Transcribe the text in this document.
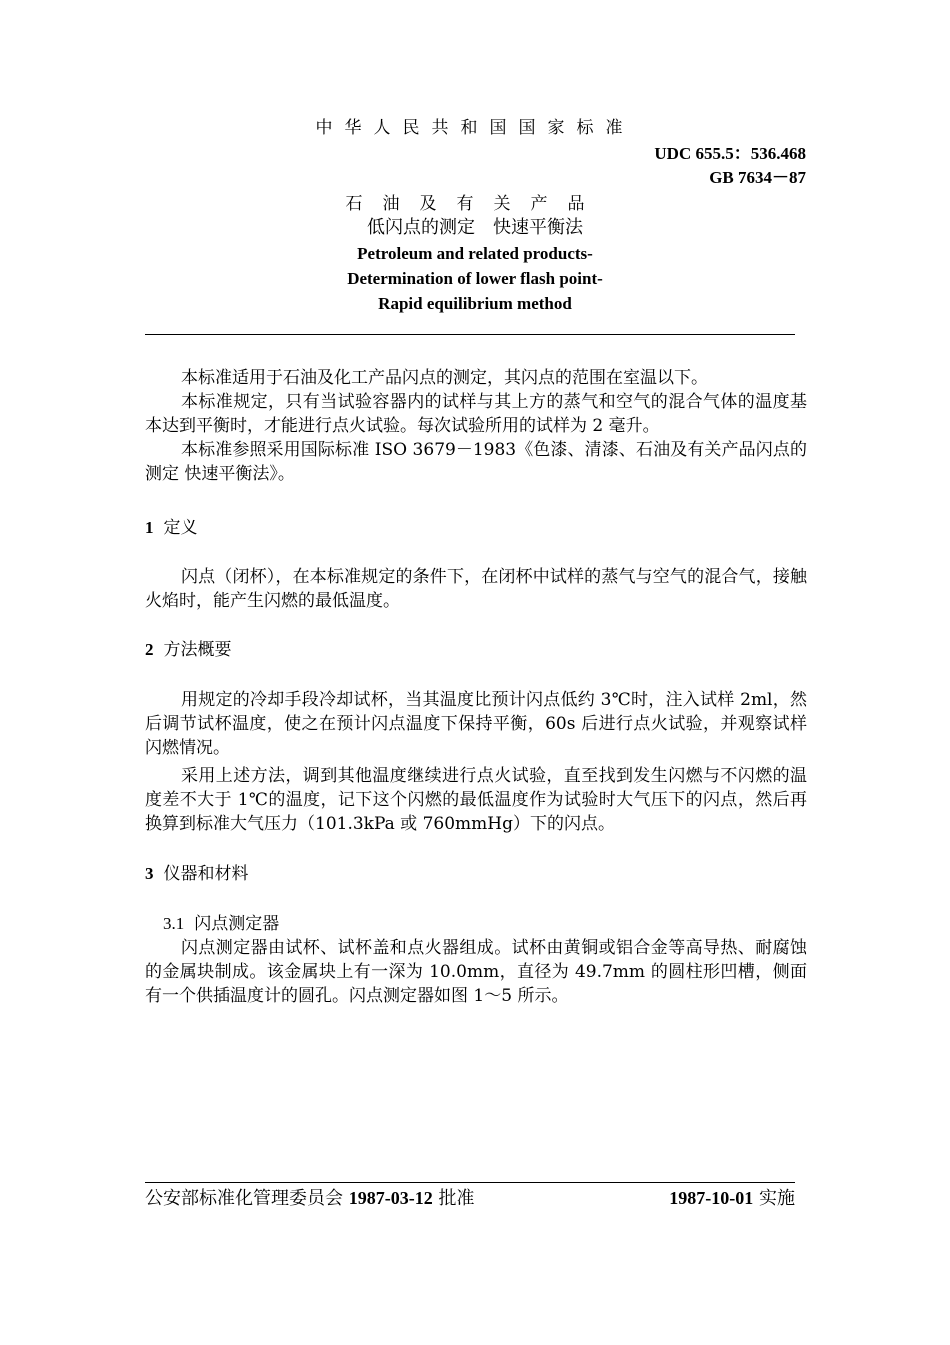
中华人民共和国国家标准
UDC 655.5：536.468
GB 7634－87
石油及有关产品
低闪点的测定　快速平衡法
Petroleum and related products-
Determination of lower flash point-
Rapid equilibrium method
本标准适用于石油及化工产品闪点的测定，其闪点的范围在室温以下。
本标准规定，只有当试验容器内的试样与其上方的蒸气和空气的混合气体的温度基本达到平衡时，才能进行点火试验。每次试验所用的试样为 2 毫升。
本标准参照采用国际标准 ISO 3679－1983《色漆、清漆、石油及有关产品闪点的测定 快速平衡法》。
1 定义
闪点（闭杯），在本标准规定的条件下，在闭杯中试样的蒸气与空气的混合气，接触火焰时，能产生闪燃的最低温度。
2 方法概要
用规定的冷却手段冷却试杯，当其温度比预计闪点低约 3℃时，注入试样 2ml，然后调节试杯温度，使之在预计闪点温度下保持平衡，60s 后进行点火试验，并观察试样闪燃情况。
采用上述方法，调到其他温度继续进行点火试验，直至找到发生闪燃与不闪燃的温度差不大于 1℃的温度，记下这个闪燃的最低温度作为试验时大气压下的闪点，然后再换算到标准大气压力（101.3kPa 或 760mmHg）下的闪点。
3 仪器和材料
3.1 闪点测定器
闪点测定器由试杯、试杯盖和点火器组成。试杯由黄铜或铝合金等高导热、耐腐蚀的金属块制成。该金属块上有一深为 10.0mm，直径为 49.7mm 的圆柱形凹槽，侧面有一个供插温度计的圆孔。闪点测定器如图 1～5 所示。
公安部标准化管理委员会 1987-03-12 批准	1987-10-01 实施
